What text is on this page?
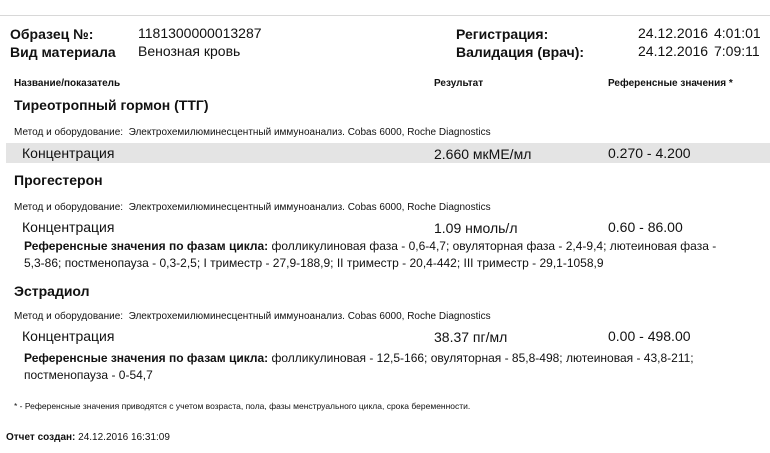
Образец №:	1181300000013287
Вид материала Венозная кровь
Регистрация:	24.12.2016 4:01:01
Валидация (врач):	24.12.2016 7:09:11
Название/показатель	Результат	Референсные значения *
Тиреотропный гормон (ТТГ)
Метод и оборудование: Электрохемилюминесцентный иммуноанализ. Cobas 6000, Roche Diagnostics
Концентрация	2.660 мкМЕ/мл	0.270 - 4.200
Прогестерон
Метод и оборудование: Электрохемилюминесцентный иммуноанализ. Cobas 6000, Roche Diagnostics
Концентрация	1.09 нмоль/л	0.60 - 86.00
Референсные значения по фазам цикла: фолликулиновая фаза - 0,6-4,7; овуляторная фаза - 2,4-9,4; лютеиновая фаза -
5,3-86; постменопауза - 0,3-2,5; I триместр - 27,9-188,9; II триместр - 20,4-442; III триместр - 29,1-1058,9
Эстрадиол
Метод и оборудование: Электрохемилюминесцентный иммуноанализ. Cobas 6000, Roche Diagnostics
Концентрация	38.37 пг/мл	0.00 - 498.00
Референсные значения по фазам цикла: фолликулиновая - 12,5-166; овуляторная - 85,8-498; лютеиновая - 43,8-211;
постменопауза - 0-54,7
* - Референсные значения приводятся с учетом возраста, пола, фазы менструального цикла, срока беременности.
Отчет создан: 24.12.2016 16:31:09
